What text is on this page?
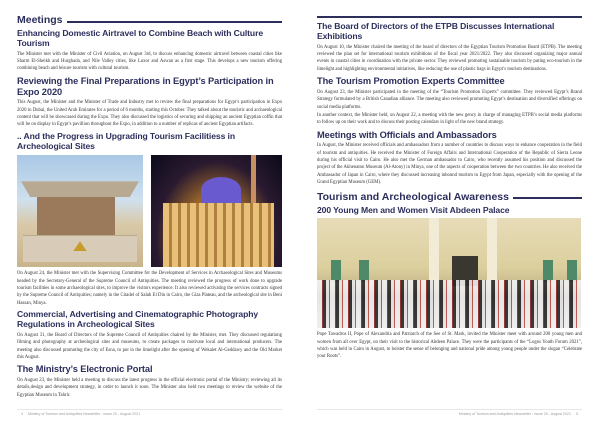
Meetings
Enhancing Domestic Airtravel to Combine Beach with Culture Tourism

The Minister met with the Minister of Civil Aviation, on August 3rd, to discuss enhancing domestic airtravel between coastal cities like Sharm El-Sheikh and Hurghada, and Nile Valley cities, like Luxor and Aswan as a first stage. This develops a new tourism offering combining beach and leisure tourism with cultural tourism.

Reviewing the Final Preparations in Egypt’s Participation in Expo 2020

This August, the Minister and the Minister of Trade and Industry met to review the final preparations for Egypt’s participation in Expo 2020 in Dubai, the United Arab Emirates for a period of 6 months, starting this October. They talked about the touristic and archaeological content that will be showcased during the Expo. They also discussed the logistics of securing and shipping an ancient Egyptian coffin that will be on display in Egypt’s pavillion throughout the Expo, in addition to a number of replicas of ancient Egyptian artifacts.

.. And the Progress in Upgrading Tourism Facilitiess in Archeological Sites

On August 24, the Minister met with the Supervising Committee for the Development of Services in Archaeological Sites and Museums headed by the Secretary-General of the Supreme Council of Antiquities. The meeting reviewed the progress of work done to upgrade tourism facilities in some archaeological sites, to improve the visitors experience. It also reviewed activating the services contracts signed by the Supreme Council of Antiquities; namely in the Citadel of Salah El Din in Cairo, the Giza Plateau, and the archeological site in Beni Hassan, Minya.

Commercial, Advertising and Cinematographic Photography Regulations in Archeological Sites

On August 31, the Board of Directors of the Supreme Council of Antiquities chaired by the Minister, met. They discussed regulationg filming and photography at archeological sites and museums, to create packages to motivate local and international producers. The meeting also discussed promoting the city of Esna, to put in the limelight after the opening of Wekalet Al-Geddawy and the Old Market this August.

The Ministry’s Electronic Portal

On August 23, the Minister held a meeting to discuss the latest progress in the official electronic portal of the Ministry; reviewing all its details,design and development strategy, in order to launch it soon. The Minister also held two meetings to review the website of the Egyptian Museum in Tahrir.

4 Ministry of Tourism and Antiquities Newsletter - Issue 20 - August 2021
The Board of Directors of the ETPB Discusses International Exhibitions

On August 10, the Minister chaired the meeting of the board of directors of the Egyptian Tourism Promotion Board (ETPB). The meeting reviewed the plan set for international tourism exhibitions of the fiscal year 2021/2022. They also discussed organizing major annual events in coastal cities in coordination with the private sector. They reviewed promoting sustainable tourism by puting eco-tourism in the limelight and highlighting environmental initiatives, like reducing the use of plastic bags in Egypt’s tourism destinations.

The Tourism Promotion Experts Committee

On August 23, the Minister participated in the meeting of the “Tourism Promotion Experts” committee. They reviewed Egypt’s Brand Strategy formulated by a British Canadian alliance. The meeting also reviewed promoting Egypt’s destination and diversified offerings on social media platforms.

In another context, the Minister held, on August 22, a meeting with the new gency in charge of managing ETPB’s social media platforms to follow up on their work and to discuss their posting calendars in light of the new brand strategy.

Meetings with Officials and Ambassadors

In August, the Minister received officials and ambassadors from a number of countries to discuss ways to enhance cooperation in the field of tourism and antiquities. He received the Minister of Foreign Affairs and International Cooperation of the Republic of Sierra Leone during his official visit to Cairo. He also met the German ambassador to Cairo, who recently assumed his position and discussed the project of the Akhenaton Museum (Al-Atony) in Minya, one of the aspects of cooperation between the two countries. He also received the Ambassador of Japan in Cairo, where they discussed increasing inbound tourism to Egypt from Japan, especially with the opening of the Grand Egyptian Museum (GEM).

Tourism and Archeological Awareness
200 Young Men and Women Visit Abdeen Palace

Pope Tawadros II, Pope of Alexandria and Patriarch of the See of St. Mark, invited the Minister meet with around 200 young men and women from all over Egypt, on their visit to the historical Abdeen Palace. They were the participants of the “Logos Youth Forum 2021”, which was held in Cairo in August, to bolster the sense of belonging and national pride among young people under the slogan “Celebrate your Roots”.

Ministry of Tourism and Antiquities Newsletter - Issue 20 - August 2021 5
